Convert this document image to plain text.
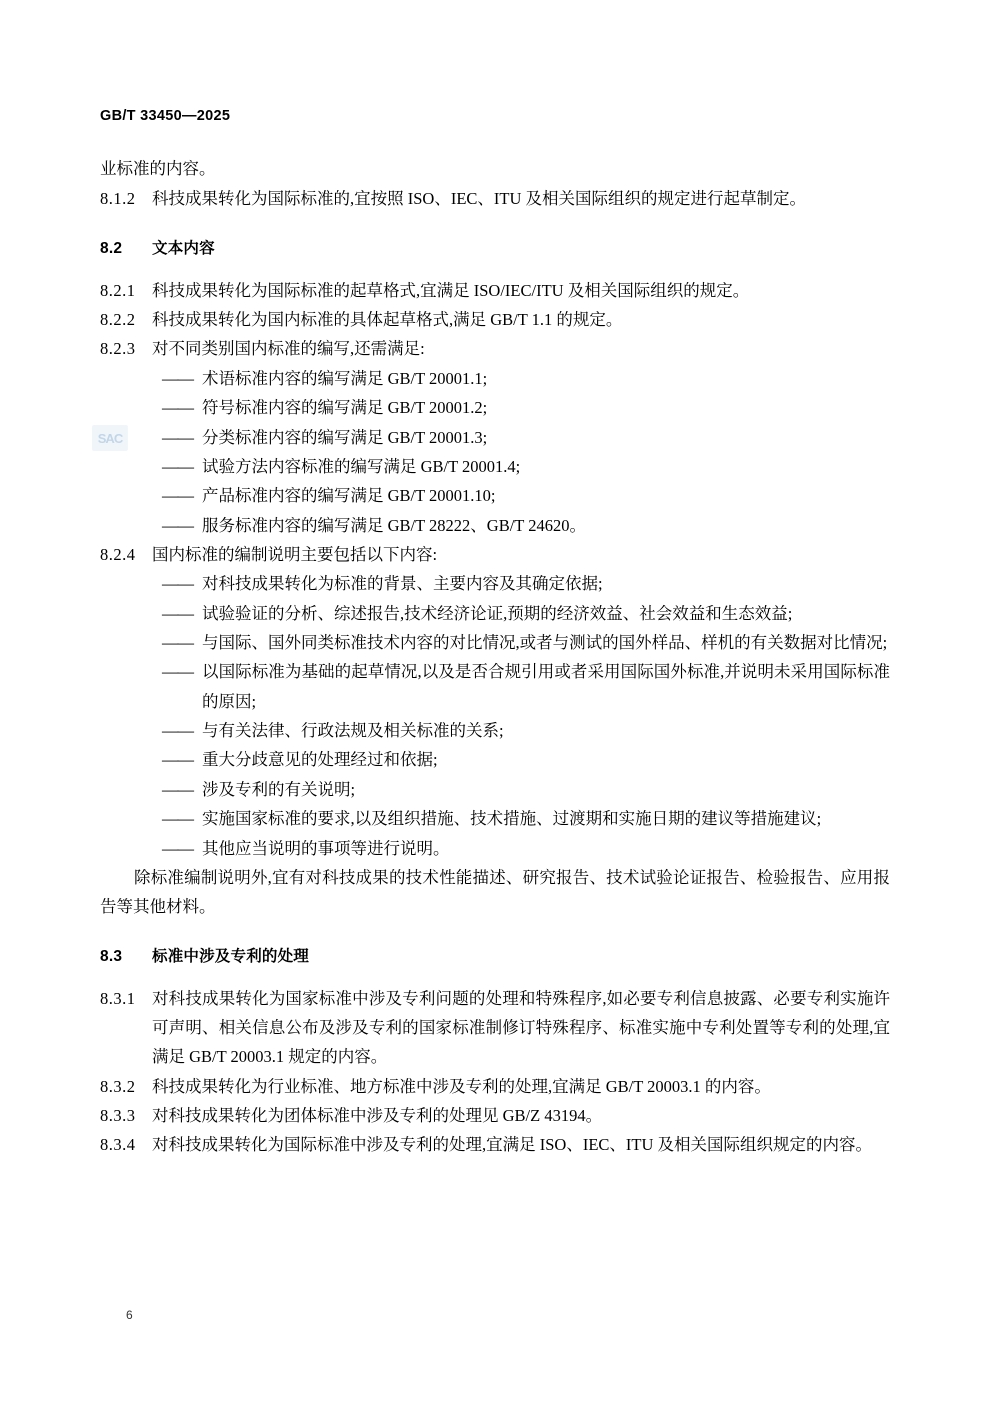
SAC
GB/T 33450—2025
业标准的内容。
8.1.2	科技成果转化为国际标准的,宜按照 ISO、IEC、ITU 及相关国际组织的规定进行起草制定。
8.2 文本内容
8.2.1	科技成果转化为国际标准的起草格式,宜满足 ISO/IEC/ITU 及相关国际组织的规定。
8.2.2	科技成果转化为国内标准的具体起草格式,满足 GB/T 1.1 的规定。
8.2.3	对不同类别国内标准的编写,还需满足:
—— 术语标准内容的编写满足 GB/T 20001.1;
—— 符号标准内容的编写满足 GB/T 20001.2;
—— 分类标准内容的编写满足 GB/T 20001.3;
—— 试验方法内容标准的编写满足 GB/T 20001.4;
—— 产品标准内容的编写满足 GB/T 20001.10;
—— 服务标准内容的编写满足 GB/T 28222、GB/T 24620。
8.2.4	国内标准的编制说明主要包括以下内容:
—— 对科技成果转化为标准的背景、主要内容及其确定依据;
—— 试验验证的分析、综述报告,技术经济论证,预期的经济效益、社会效益和生态效益;
—— 与国际、国外同类标准技术内容的对比情况,或者与测试的国外样品、样机的有关数据对比情况;
—— 以国际标准为基础的起草情况,以及是否合规引用或者采用国际国外标准,并说明未采用国际标准的原因;
—— 与有关法律、行政法规及相关标准的关系;
—— 重大分歧意见的处理经过和依据;
—— 涉及专利的有关说明;
—— 实施国家标准的要求,以及组织措施、技术措施、过渡期和实施日期的建议等措施建议;
—— 其他应当说明的事项等进行说明。
除标准编制说明外,宜有对科技成果的技术性能描述、研究报告、技术试验论证报告、检验报告、应用报告等其他材料。
8.3 标准中涉及专利的处理
8.3.1	对科技成果转化为国家标准中涉及专利问题的处理和特殊程序,如必要专利信息披露、必要专利实施许可声明、相关信息公布及涉及专利的国家标准制修订特殊程序、标准实施中专利处置等专利的处理,宜满足 GB/T 20003.1 规定的内容。
8.3.2	科技成果转化为行业标准、地方标准中涉及专利的处理,宜满足 GB/T 20003.1 的内容。
8.3.3	对科技成果转化为团体标准中涉及专利的处理见 GB/Z 43194。
8.3.4	对科技成果转化为国际标准中涉及专利的处理,宜满足 ISO、IEC、ITU 及相关国际组织规定的内容。
6
